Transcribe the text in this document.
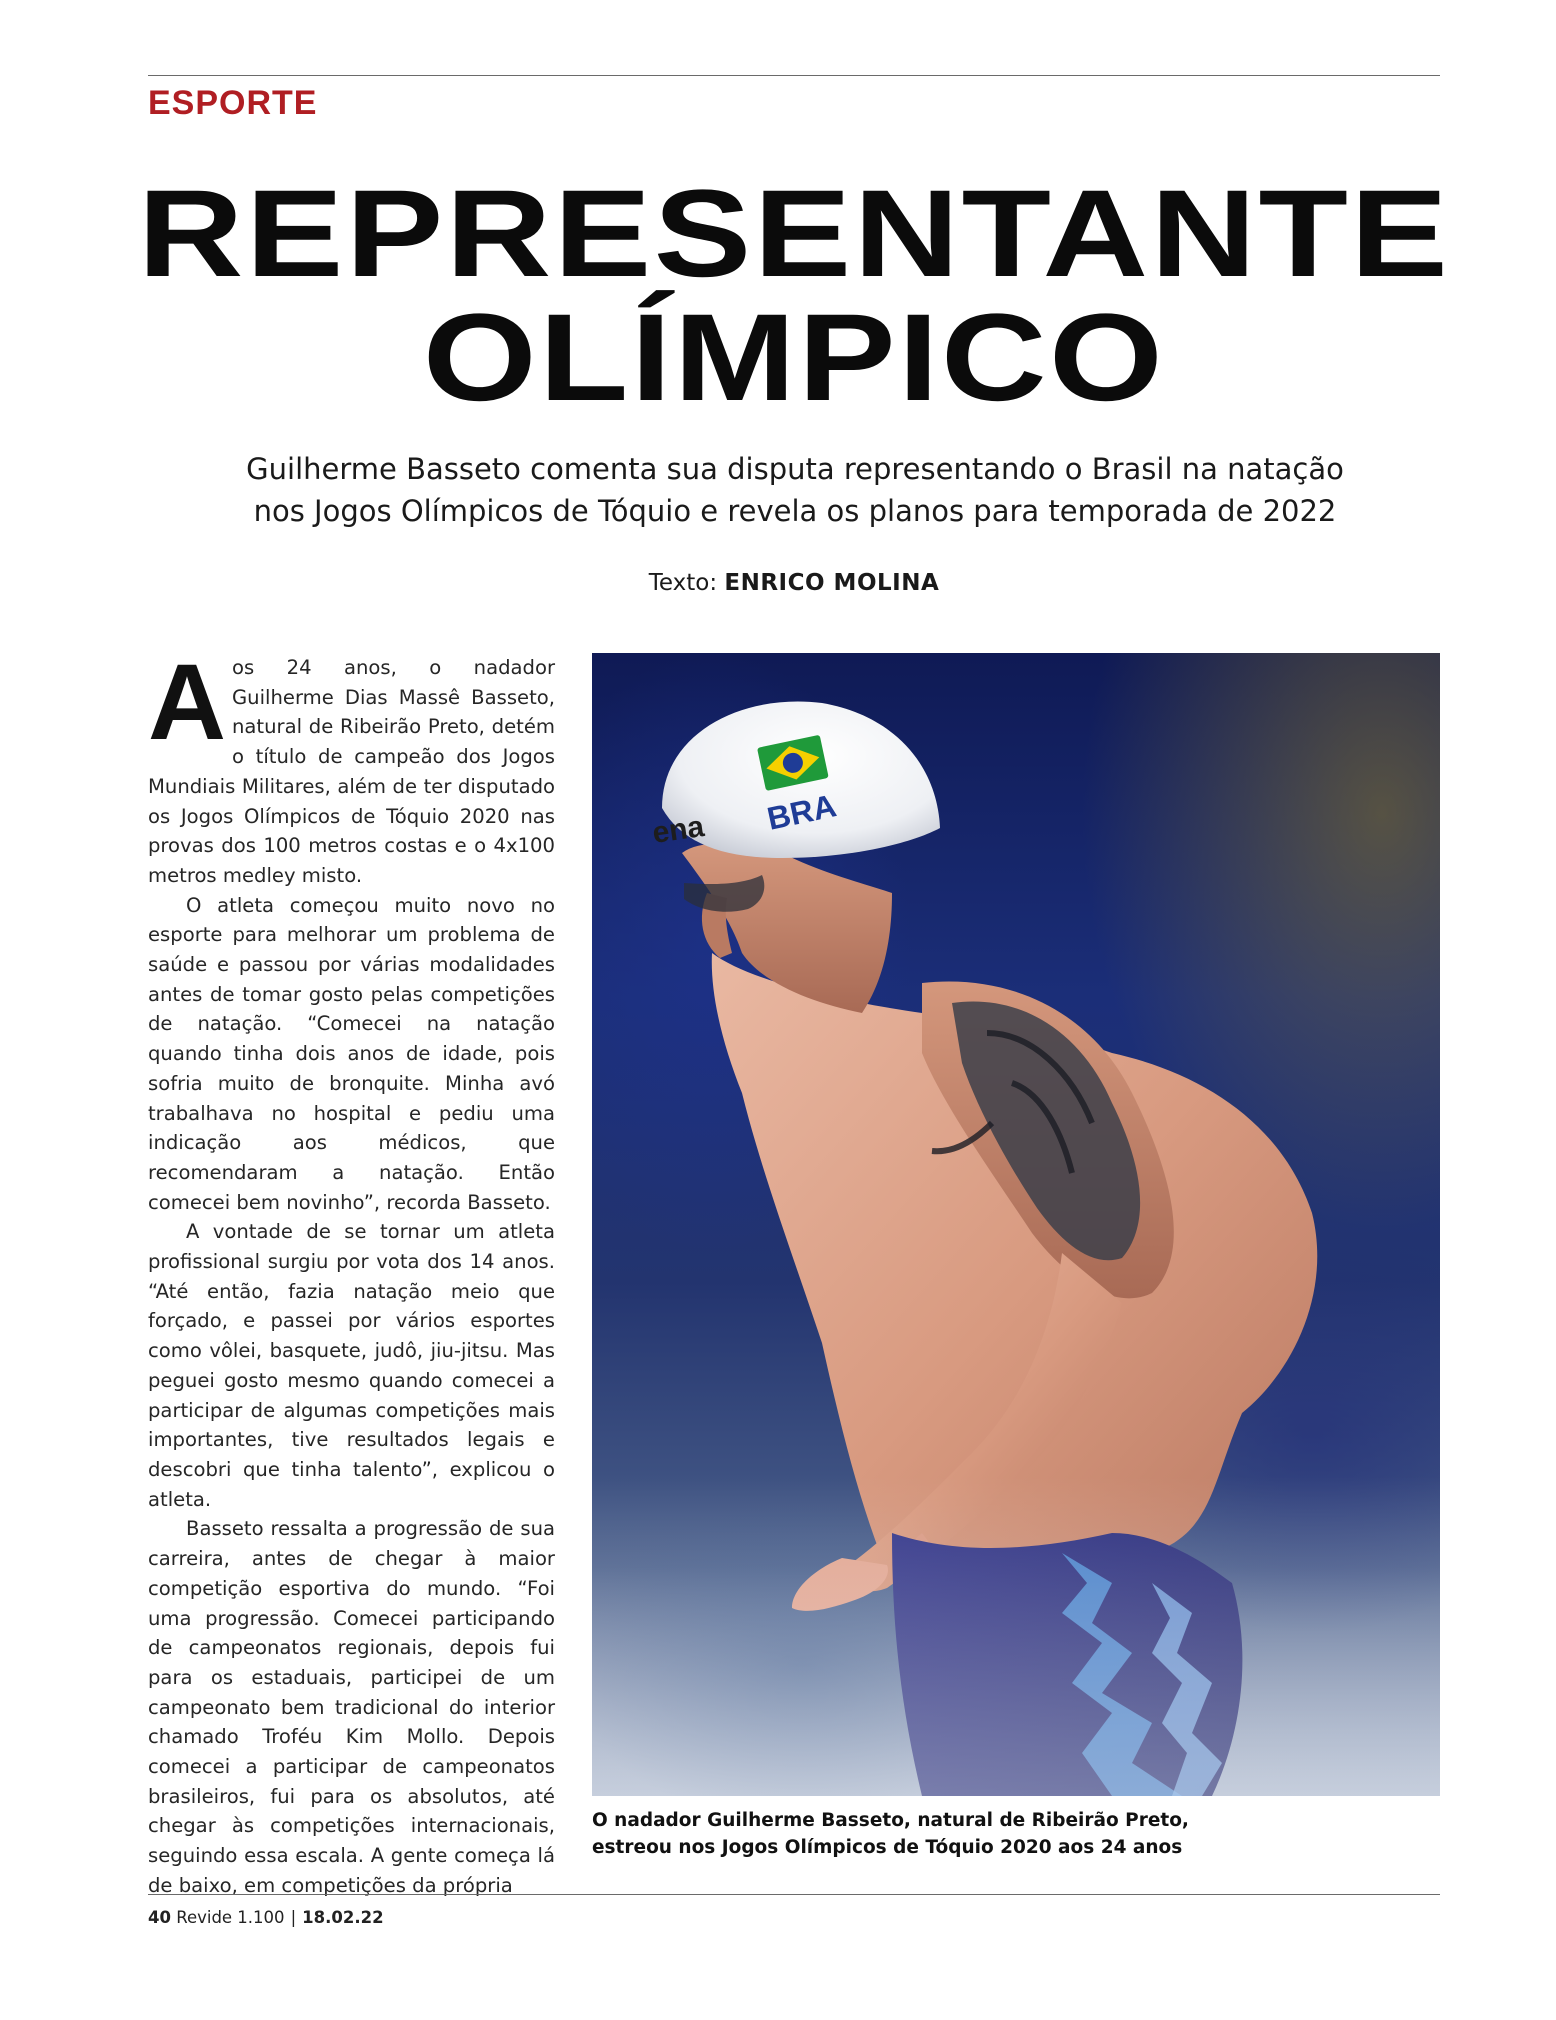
ESPORTE
REPRESENTANTE
OLÍMPICO
Guilherme Basseto comenta sua disputa representando o Brasil na natação
nos Jogos Olímpicos de Tóquio e revela os planos para temporada de 2022
Texto: ENRICO MOLINA

Aos 24 anos, o nadador Guilherme Dias Massê Basseto, natural de Ribeirão Preto, detém o título de campeão dos Jogos Mundiais Militares, além de ter disputado os Jogos Olímpicos de Tóquio 2020 nas provas dos 100 metros costas e o 4x100 metros medley misto.

O atleta começou muito novo no esporte para melhorar um problema de saúde e passou por várias modalidades antes de tomar gosto pelas competições de natação. “Comecei na natação quando tinha dois anos de idade, pois sofria muito de bronquite. Minha avó trabalhava no hospital e pediu uma indicação aos médicos, que recomendaram a natação. Então comecei bem novinho”, recorda Basseto.

A vontade de se tornar um atleta profissional surgiu por vota dos 14 anos. “Até então, fazia natação meio que forçado, e passei por vários esportes como vôlei, basquete, judô, jiu-jitsu. Mas peguei gosto mesmo quando comecei a participar de algumas competições mais importantes, tive resultados legais e descobri que tinha talento”, explicou o atleta.

Basseto ressalta a progressão de sua carreira, antes de chegar à maior competição esportiva do mundo. “Foi uma progressão. Comecei participando de campeonatos regionais, depois fui para os estaduais, participei de um campeonato bem tradicional do interior chamado Troféu Kim Mollo. Depois comecei a participar de campeonatos brasileiros, fui para os absolutos, até chegar às competições internacionais, seguindo essa escala. A gente começa lá de baixo, em competições da própria

O nadador Guilherme Basseto, natural de Ribeirão Preto,
estreou nos Jogos Olímpicos de Tóquio 2020 aos 24 anos
40 Revide 1.100 | 18.02.22
